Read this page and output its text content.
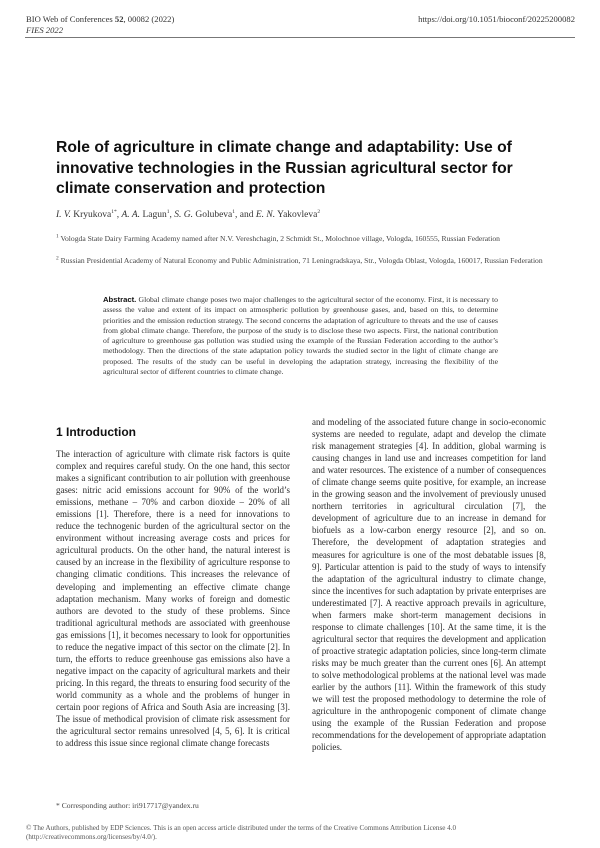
BIO Web of Conferences 52, 00082 (2022)
FIES 2022
https://doi.org/10.1051/bioconf/20225200082
Role of agriculture in climate change and adaptability: Use of innovative technologies in the Russian agricultural sector for climate conservation and protection
I. V. Kryukova$^{1*}$, A. A. Lagun$^1$, S. G. Golubeva$^1$, and E. N. Yakovleva$^2$
$^1$ Vologda State Dairy Farming Academy named after N.V. Vereshchagin, 2 Schmidt St., Molochnoe village, Vologda, 160555, Russian Federation
$^2$ Russian Presidential Academy of Natural Economy and Public Administration, 71 Leningradskaya, Str., Vologda Oblast, Vologda, 160017, Russian Federation
Abstract. Global climate change poses two major challenges to the agricultural sector of the economy. First, it is necessary to assess the value and extent of its impact on atmospheric pollution by greenhouse gases, and, based on this, to determine priorities and the emission reduction strategy. The second concerns the adaptation of agriculture to threats and the use of causes from global climate change. Therefore, the purpose of the study is to disclose these two aspects. First, the national contribution of agriculture to greenhouse gas pollution was studied using the example of the Russian Federation according to the author’s methodology. Then the directions of the state adaptation policy towards the studied sector in the light of climate change are proposed. The results of the study can be useful in developing the adaptation strategy, increasing the flexibility of the agricultural sector of different countries to climate change.
1 Introduction
The interaction of agriculture with climate risk factors is quite complex and requires careful study. On the one hand, this sector makes a significant contribution to air pollution with greenhouse gases: nitric acid emissions account for 90% of the world’s emissions, methane – 70% and carbon dioxide – 20% of all emissions [1]. Therefore, there is a need for innovations to reduce the technogenic burden of the agricultural sector on the environment without increasing average costs and prices for agricultural products. On the other hand, the natural interest is caused by an increase in the flexibility of agriculture response to changing climatic conditions. This increases the relevance of developing and implementing an effective climate change adaptation mechanism. Many works of foreign and domestic authors are devoted to the study of these problems. Since traditional agricultural methods are associated with greenhouse gas emissions [1], it becomes necessary to look for opportunities to reduce the negative impact of this sector on the climate [2]. In turn, the efforts to reduce greenhouse gas emissions also have a negative impact on the capacity of agricultural markets and their pricing. In this regard, the threats to ensuring food security of the world community as a whole and the problems of hunger in certain poor regions of Africa and South Asia are increasing [3]. The issue of methodical provision of climate risk assessment for the agricultural sector remains unresolved [4, 5, 6]. It is critical to address this issue since regional climate change forecasts
and modeling of the associated future change in socio-economic systems are needed to regulate, adapt and develop the climate risk management strategies [4]. In addition, global warming is causing changes in land use and increases competition for land and water resources. The existence of a number of consequences of climate change seems quite positive, for example, an increase in the growing season and the involvement of previously unused northern territories in agricultural circulation [7], the development of agriculture due to an increase in demand for biofuels as a low-carbon energy resource [2], and so on. Therefore, the development of adaptation strategies and measures for agriculture is one of the most debatable issues [8, 9]. Particular attention is paid to the study of ways to intensify the adaptation of the agricultural industry to climate change, since the incentives for such adaptation by private enterprises are underestimated [7]. A reactive approach prevails in agriculture, when farmers make short-term management decisions in response to climate challenges [10]. At the same time, it is the agricultural sector that requires the development and application of proactive strategic adaptation policies, since long-term climate risks may be much greater than the current ones [6]. An attempt to solve methodological problems at the national level was made earlier by the authors [11]. Within the framework of this study we will test the proposed methodology to determine the role of agriculture in the anthropogenic component of climate change using the example of the Russian Federation and propose recommendations for the developement of appropriate adaptation policies.
* Corresponding author: iri917717@yandex.ru
© The Authors, published by EDP Sciences. This is an open access article distributed under the terms of the Creative Commons Attribution License 4.0 (http://creativecommons.org/licenses/by/4.0/).
